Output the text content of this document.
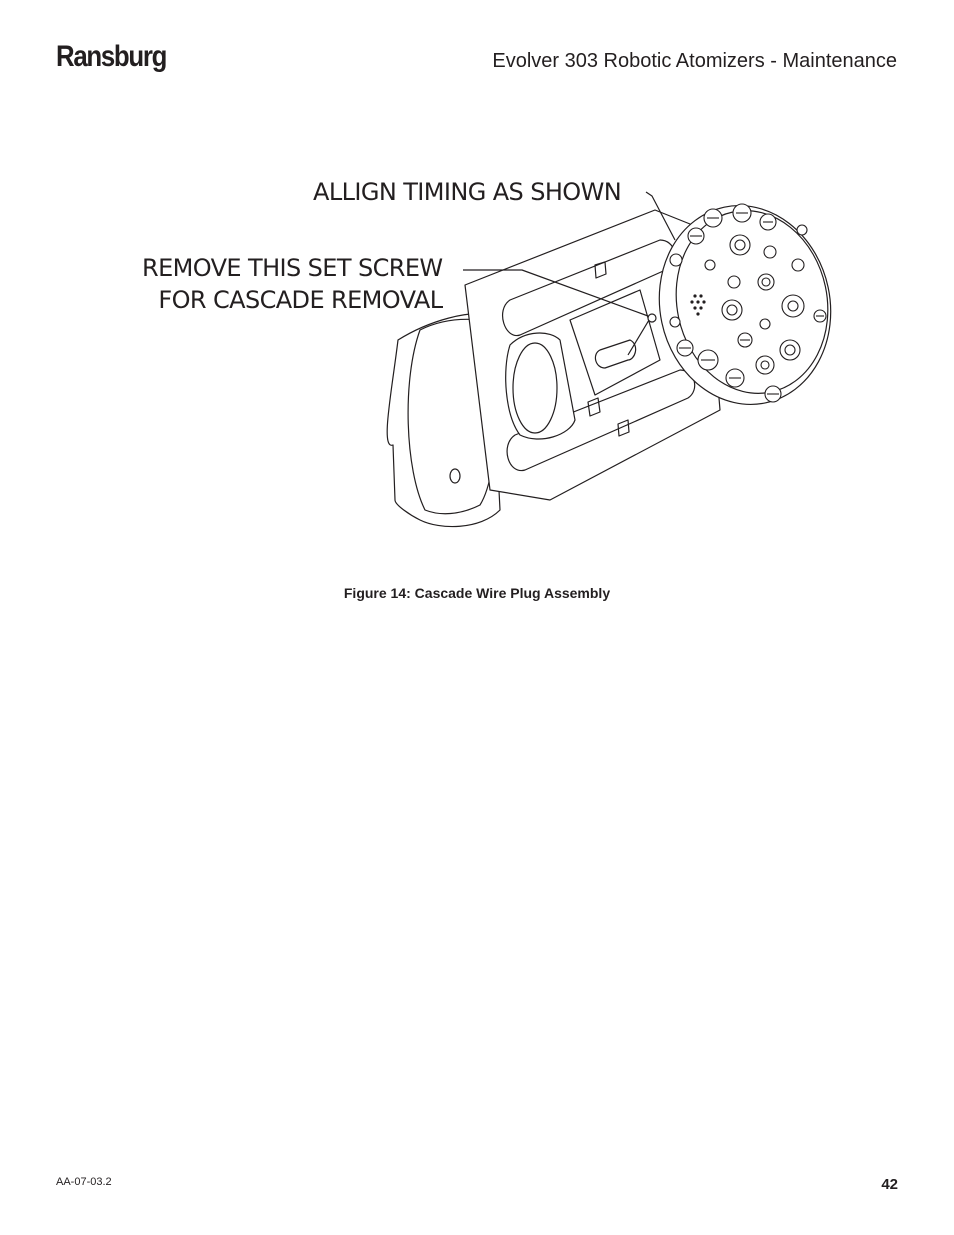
Ransburg	Evolver 303 Robotic Atomizers - Maintenance
ALLIGN TIMING AS SHOWN
REMOVE THIS SET SCREW
FOR CASCADE REMOVAL
Figure 14: Cascade Wire Plug Assembly
AA-07-03.2	42
